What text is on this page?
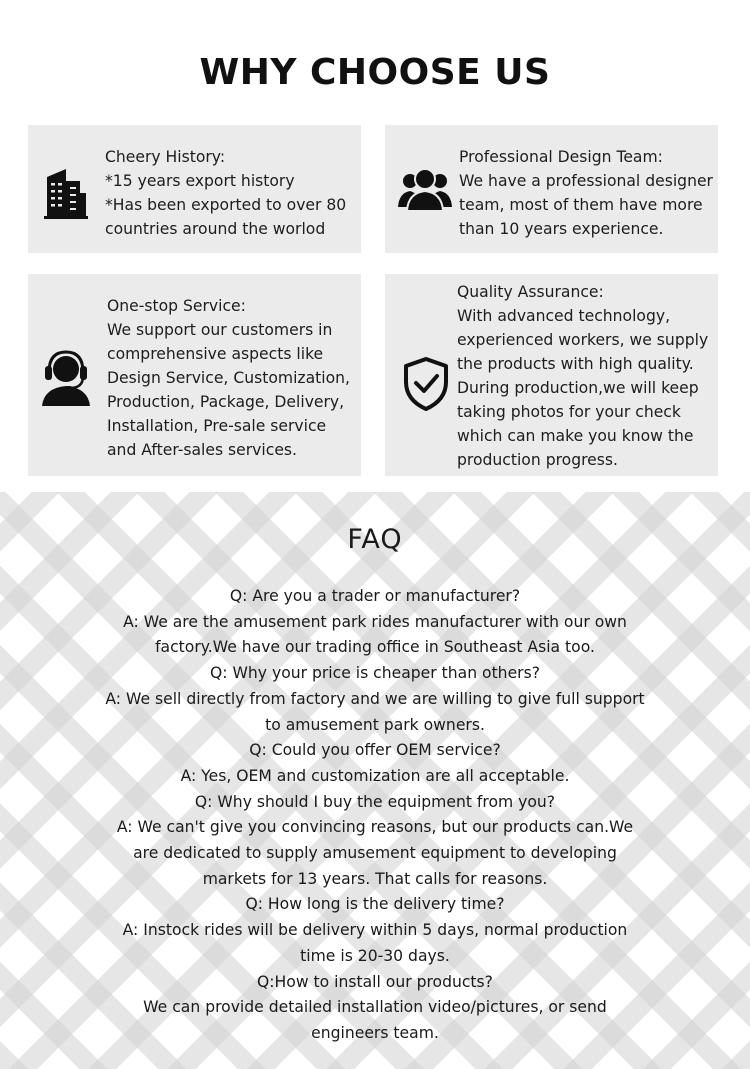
WHY CHOOSE US
Cheery History:
*15 years export history
*Has been exported to over 80
countries around the worlod
Professional Design Team:
We have a professional designer
team, most of them have more
than 10 years experience.
One-stop Service:
We support our customers in
comprehensive aspects like
Design Service, Customization,
Production, Package, Delivery,
Installation, Pre-sale service
and After-sales services.
Quality Assurance:
With advanced technology,
experienced workers, we supply
the products with high quality.
During production,we will keep
taking photos for your check
which can make you know the
production progress.
FAQ
Q: Are you a trader or manufacturer?
A: We are the amusement park rides manufacturer with our own
factory.We have our trading office in Southeast Asia too.
Q: Why your price is cheaper than others?
A: We sell directly from factory and we are willing to give full support
to amusement park owners.
Q: Could you offer OEM service?
A: Yes, OEM and customization are all acceptable.
Q: Why should I buy the equipment from you?
A: We can't give you convincing reasons, but our products can.We
are dedicated to supply amusement equipment to developing
markets for 13 years. That calls for reasons.
Q: How long is the delivery time?
A: Instock rides will be delivery within 5 days, normal production
time is 20-30 days.
Q:How to install our products?
We can provide detailed installation video/pictures, or send
engineers team.
